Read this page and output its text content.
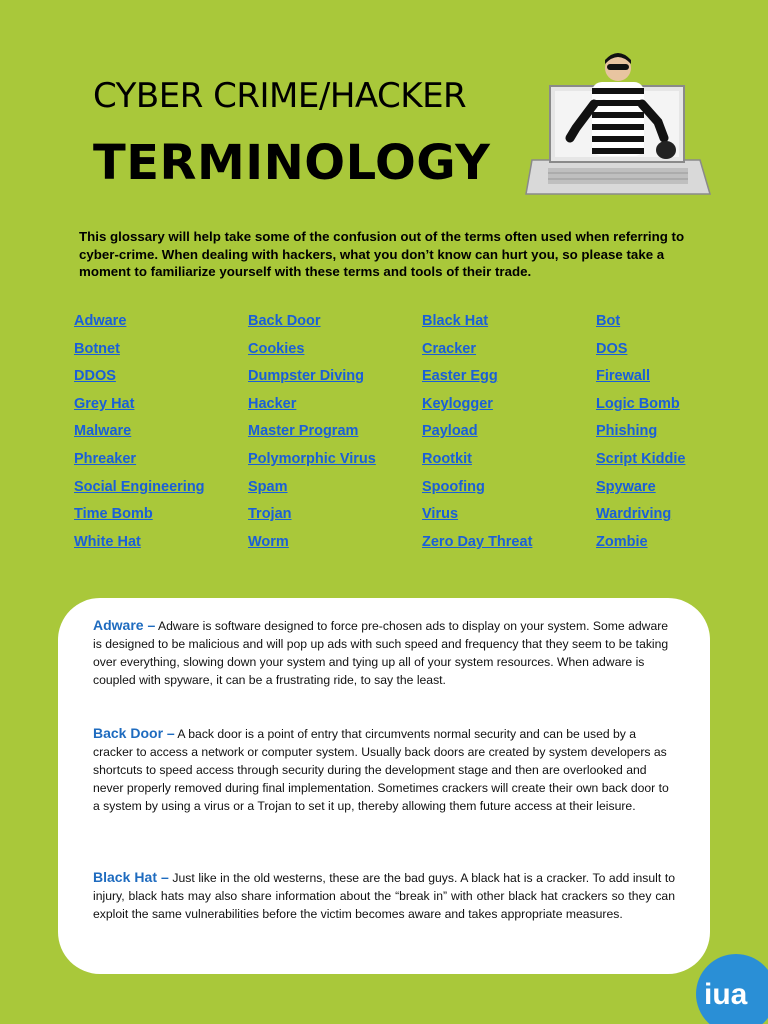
CYBER CRIME/HACKER
TERMINOLOGY

This glossary will help take some of the confusion out of the terms often used when referring to cyber-crime. When dealing with hackers, what you don’t know can hurt you, so please take a moment to familiarize yourself with these terms and tools of their trade.

Adware	Back Door	Black Hat	Bot
Botnet	Cookies	Cracker	DOS
DDOS	Dumpster Diving	Easter Egg	Firewall
Grey Hat	Hacker	Keylogger	Logic Bomb
Malware	Master Program	Payload	Phishing
Phreaker	Polymorphic Virus	Rootkit	Script Kiddie
Social Engineering	Spam	Spoofing	Spyware
Time Bomb	Trojan	Virus	Wardriving
White Hat	Worm	Zero Day Threat	Zombie

Adware – Adware is software designed to force pre-chosen ads to display on your system. Some adware is designed to be malicious and will pop up ads with such speed and frequency that they seem to be taking over everything, slowing down your system and tying up all of your system resources. When adware is coupled with spyware, it can be a frustrating ride, to say the least.

Back Door – A back door is a point of entry that circumvents normal security and can be used by a cracker to access a network or computer system. Usually back doors are created by system developers as shortcuts to speed access through security during the development stage and then are overlooked and never properly removed during final implementation. Sometimes crackers will create their own back door to a system by using a virus or a Trojan to set it up, thereby allowing them future access at their leisure.

Black Hat – Just like in the old westerns, these are the bad guys. A black hat is a cracker. To add insult to injury, black hats may also share information about the “break in” with other black hat crackers so they can exploit the same vulnerabilities before the victim becomes aware and takes appropriate measures.

iua
